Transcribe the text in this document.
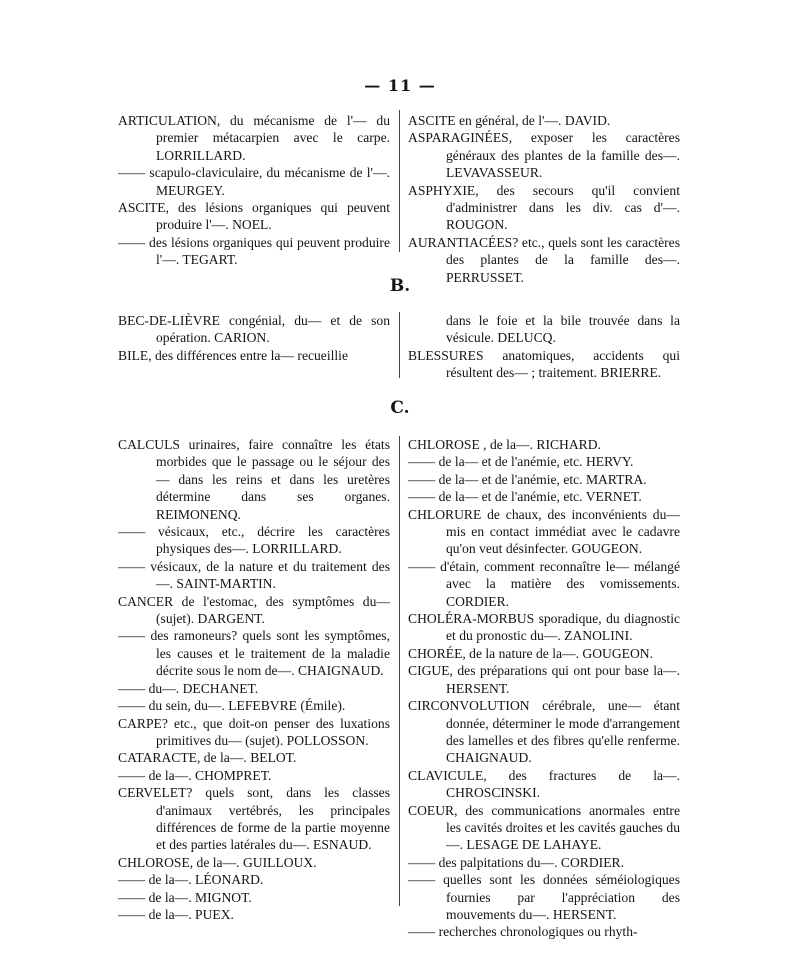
— 11 —

ARTICULATION, du mécanisme de l'— du premier métacarpien avec le carpe. LORRILLARD.

—— scapulo-claviculaire, du mécanisme de l'—. MEURGEY.

ASCITE, des lésions organiques qui peuvent produire l'—. NOEL.

—— des lésions organiques qui peuvent produire l'—. TEGART.

ASCITE en général, de l'—. DAVID.

ASPARAGINÉES, exposer les caractères généraux des plantes de la famille des—. LEVAVASSEUR.

ASPHYXIE, des secours qu'il convient d'administrer dans les div. cas d'—. ROUGON.

AURANTIACÉES? etc., quels sont les caractères des plantes de la famille des—. PERRUSSET.

B.

BEC-DE-LIÈVRE congénial, du— et de son opération. CARION.

BILE, des différences entre la— recueillie

dans le foie et la bile trouvée dans la vésicule. DELUCQ.

BLESSURES anatomiques, accidents qui résultent des— ; traitement. BRIERRE.

C.

CALCULS urinaires, faire connaître les états morbides que le passage ou le séjour des— dans les reins et dans les uretères détermine dans ses organes. REIMONENQ.

—— vésicaux, etc., décrire les caractères physiques des—. LORRILLARD.

—— vésicaux, de la nature et du traitement des—. SAINT-MARTIN.

CANCER de l'estomac, des symptômes du— (sujet). DARGENT.

—— des ramoneurs? quels sont les symptômes, les causes et le traitement de la maladie décrite sous le nom de—. CHAIGNAUD.

—— du—. DECHANET.

—— du sein, du—. LEFEBVRE (Émile).

CARPE? etc., que doit-on penser des luxations primitives du— (sujet). POLLOSSON.

CATARACTE, de la—. BELOT.

—— de la—. CHOMPRET.

CERVELET? quels sont, dans les classes d'animaux vertébrés, les principales différences de forme de la partie moyenne et des parties latérales du—. ESNAUD.

CHLOROSE, de la—. GUILLOUX.

—— de la—. LÉONARD.

—— de la—. MIGNOT.

—— de la—. PUEX.

CHLOROSE , de la—. RICHARD.

—— de la— et de l'anémie, etc. HERVY.

—— de la— et de l'anémie, etc. MARTRA.

—— de la— et de l'anémie, etc. VERNET.

CHLORURE de chaux, des inconvénients du— mis en contact immédiat avec le cadavre qu'on veut désinfecter. GOUGEON.

—— d'étain, comment reconnaître le— mélangé avec la matière des vomissements. CORDIER.

CHOLÉRA-MORBUS sporadique, du diagnostic et du pronostic du—. ZANOLINI.

CHORÉE, de la nature de la—. GOUGEON.

CIGUE, des préparations qui ont pour base la—. HERSENT.

CIRCONVOLUTION cérébrale, une— étant donnée, déterminer le mode d'arrangement des lamelles et des fibres qu'elle renferme. CHAIGNAUD.

CLAVICULE, des fractures de la—. CHROSCINSKI.

COEUR, des communications anormales entre les cavités droites et les cavités gauches du—. LESAGE DE LAHAYE.

—— des palpitations du—. CORDIER.

—— quelles sont les données séméiologiques fournies par l'appréciation des mouvements du—. HERSENT.

—— recherches chronologiques ou rhyth-
